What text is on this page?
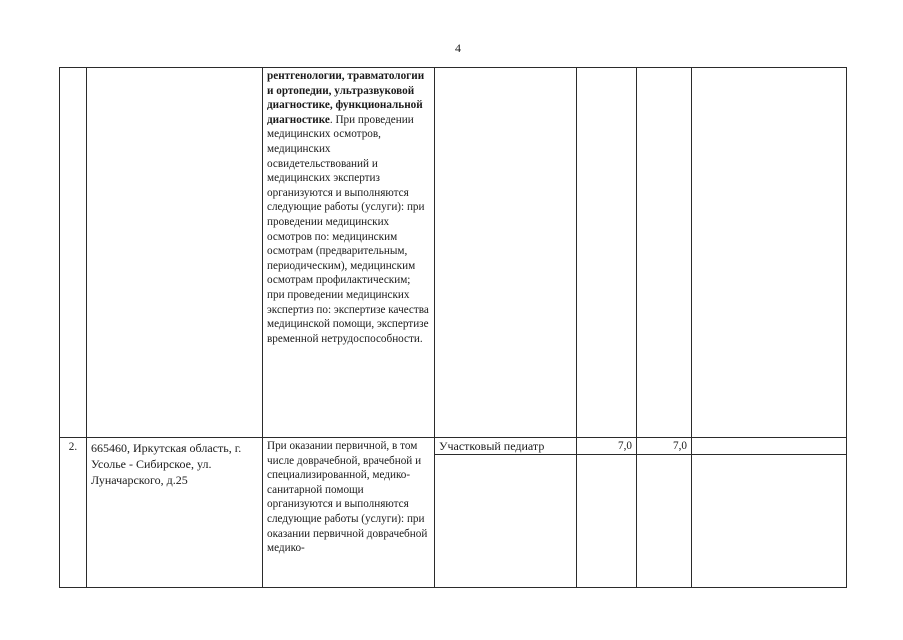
4
		рентгенологии, травматологии и ортопедии, ультразвуковой диагностике, функциональной диагностике. При проведении медицинских осмотров, медицинских освидетельствований и медицинских экспертиз организуются и выполняются следующие работы (услуги): при проведении медицинских осмотров по: медицинским осмотрам (предварительным, периодическим), медицинским осмотрам профилактическим; при проведении медицинских экспертиз по: экспертизе качества медицинской помощи, экспертизе временной нетрудоспособности.				
2.	665460, Иркутская область, г. Усолье - Сибирское, ул. Луначарского, д.25	При оказании первичной, в том числе доврачебной, врачебной и специализированной, медико-санитарной помощи организуются и выполняются следующие работы (услуги): при оказании первичной доврачебной медико-	Участковый педиатр	7,0	7,0	
